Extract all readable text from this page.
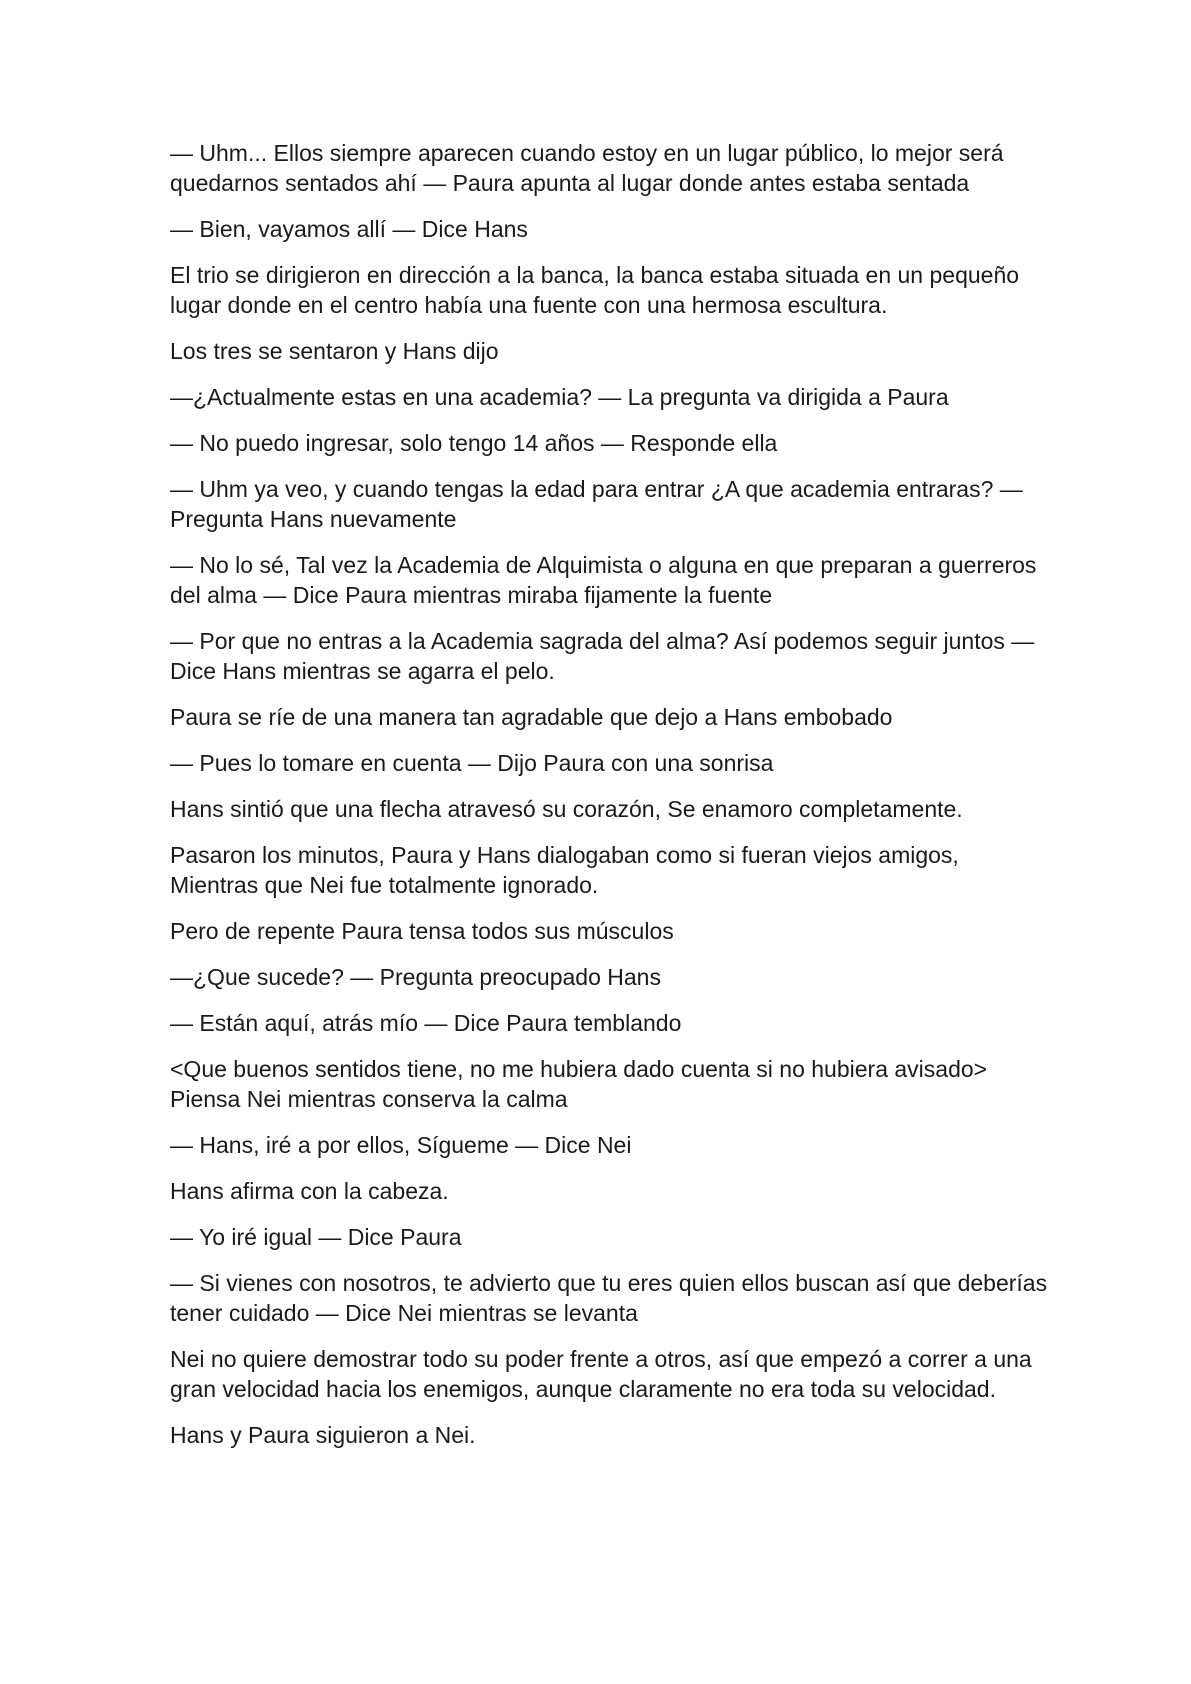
— Uhm... Ellos siempre aparecen cuando estoy en un lugar público, lo mejor será quedarnos sentados ahí — Paura apunta al lugar donde antes estaba sentada

— Bien, vayamos allí — Dice Hans

El trio se dirigieron en dirección a la banca, la banca estaba situada en un pequeño lugar donde en el centro había una fuente con una hermosa escultura.

Los tres se sentaron y Hans dijo

—¿Actualmente estas en una academia? — La pregunta va dirigida a Paura

— No puedo ingresar, solo tengo 14 años — Responde ella

— Uhm ya veo, y cuando tengas la edad para entrar ¿A que academia entraras? — Pregunta Hans nuevamente

— No lo sé, Tal vez la Academia de Alquimista o alguna en que preparan a guerreros del alma — Dice Paura mientras miraba fijamente la fuente

— Por que no entras a la Academia sagrada del alma? Así podemos seguir juntos — Dice Hans mientras se agarra el pelo.

Paura se ríe de una manera tan agradable que dejo a Hans embobado

— Pues lo tomare en cuenta — Dijo Paura con una sonrisa

Hans sintió que una flecha atravesó su corazón, Se enamoro completamente.

Pasaron los minutos, Paura y Hans dialogaban como si fueran viejos amigos, Mientras que Nei fue totalmente ignorado.

Pero de repente Paura tensa todos sus músculos

—¿Que sucede? — Pregunta preocupado Hans

— Están aquí, atrás mío — Dice Paura temblando

<Que buenos sentidos tiene, no me hubiera dado cuenta si no hubiera avisado> Piensa Nei mientras conserva la calma

— Hans, iré a por ellos, Sígueme — Dice Nei

Hans afirma con la cabeza.

— Yo iré igual — Dice Paura

— Si vienes con nosotros, te advierto que tu eres quien ellos buscan así que deberías tener cuidado — Dice Nei mientras se levanta

Nei no quiere demostrar todo su poder frente a otros, así que empezó a correr a una gran velocidad hacia los enemigos, aunque claramente no era toda su velocidad.

Hans y Paura siguieron a Nei.
